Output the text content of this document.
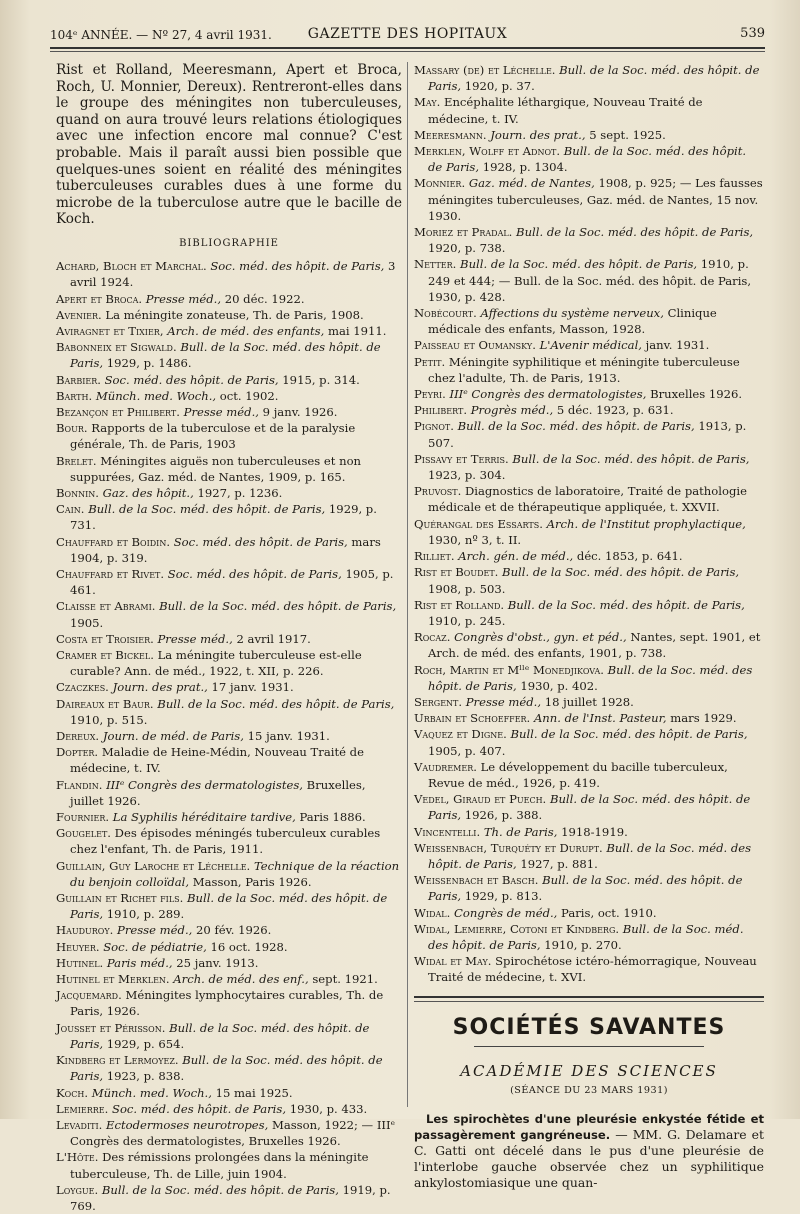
104ᵉ ANNÉE. — Nº 27, 4 avril 1931.	GAZETTE DES HOPITAUX	539

Rist et Rolland, Meeresmann, Apert et Broca, Roch, U. Monnier, Dereux). Rentreront-elles dans le groupe des méningites non tuberculeuses, quand on aura trouvé leurs relations étiologiques avec une infection encore mal connue? C'est probable. Mais il paraît aussi bien possible que quelques-unes soient en réalité des méningites tuberculeuses curables dues à une forme du microbe de la tuberculose autre que le bacille de Koch.

BIBLIOGRAPHIE

Achard, Bloch et Marchal. Soc. méd. des hôpit. de Paris, 3 avril 1924.

Apert et Broca. Presse méd., 20 déc. 1922.

Avenier. La méningite zonateuse, Th. de Paris, 1908.

Aviragnet et Tixier, Arch. de méd. des enfants, mai 1911.

Babonneix et Sigwald. Bull. de la Soc. méd. des hôpit. de Paris, 1929, p. 1486.

Barbier. Soc. méd. des hôpit. de Paris, 1915, p. 314.

Barth. Münch. med. Woch., oct. 1902.

Bezançon et Philibert. Presse méd., 9 janv. 1926.

Bour. Rapports de la tuberculose et de la paralysie générale, Th. de Paris, 1903

Brelet. Méningites aiguës non tuberculeuses et non suppurées, Gaz. méd. de Nantes, 1909, p. 165.

Bonnin. Gaz. des hôpit., 1927, p. 1236.

Cain. Bull. de la Soc. méd. des hôpit. de Paris, 1929, p. 731.

Chauffard et Boidin. Soc. méd. des hôpit. de Paris, mars 1904, p. 319.

Chauffard et Rivet. Soc. méd. des hôpit. de Paris, 1905, p. 461.

Claisse et Abrami. Bull. de la Soc. méd. des hôpit. de Paris, 1905.

Costa et Troisier. Presse méd., 2 avril 1917.

Cramer et Bickel. La méningite tuberculeuse est-elle curable? Ann. de méd., 1922, t. XII, p. 226.

Czaczkes. Journ. des prat., 17 janv. 1931.

Daireaux et Baur. Bull. de la Soc. méd. des hôpit. de Paris, 1910, p. 515.

Dereux. Journ. de méd. de Paris, 15 janv. 1931.

Dopter. Maladie de Heine-Médin, Nouveau Traité de médecine, t. IV.

Flandin. IIIᵉ Congrès des dermatologistes, Bruxelles, juillet 1926.

Fournier. La Syphilis héréditaire tardive, Paris 1886.

Gougelet. Des épisodes méningés tuberculeux curables chez l'enfant, Th. de Paris, 1911.

Guillain, Guy Laroche et Léchelle. Technique de la réaction du benjoin colloïdal, Masson, Paris 1926.

Guillain et Richet fils. Bull. de la Soc. méd. des hôpit. de Paris, 1910, p. 289.

Hauduroy. Presse méd., 20 fév. 1926.

Heuyer. Soc. de pédiatrie, 16 oct. 1928.

Hutinel. Paris méd., 25 janv. 1913.

Hutinel et Merklen. Arch. de méd. des enf., sept. 1921.

Jacquemard. Méningites lymphocytaires curables, Th. de Paris, 1926.

Jousset et Périsson. Bull. de la Soc. méd. des hôpit. de Paris, 1929, p. 654.

Kindberg et Lermoyez. Bull. de la Soc. méd. des hôpit. de Paris, 1923, p. 838.

Koch. Münch. med. Woch., 15 mai 1925.

Lemierre. Soc. méd. des hôpit. de Paris, 1930, p. 433.

Levaditi. Ectodermoses neurotropes, Masson, 1922; — IIIᵉ Congrès des dermatologistes, Bruxelles 1926.

L'Hôte. Des rémissions prolongées dans la méningite tuberculeuse, Th. de Lille, juin 1904.

Loygue. Bull. de la Soc. méd. des hôpit. de Paris, 1919, p. 769.

Massary (de) et Léchelle. Bull. de la Soc. méd. des hôpit. de Paris, 1920, p. 37.

May. Encéphalite léthargique, Nouveau Traité de médecine, t. IV.

Meeresmann. Journ. des prat., 5 sept. 1925.

Merklen, Wolff et Adnot. Bull. de la Soc. méd. des hôpit. de Paris, 1928, p. 1304.

Monnier. Gaz. méd. de Nantes, 1908, p. 925; — Les fausses méningites tuberculeuses, Gaz. méd. de Nantes, 15 nov. 1930.

Moriez et Pradal. Bull. de la Soc. méd. des hôpit. de Paris, 1920, p. 738.

Netter. Bull. de la Soc. méd. des hôpit. de Paris, 1910, p. 249 et 444; — Bull. de la Soc. méd. des hôpit. de Paris, 1930, p. 428.

Nobécourt. Affections du système nerveux, Clinique médicale des enfants, Masson, 1928.

Paisseau et Oumansky. L'Avenir médical, janv. 1931.

Petit. Méningite syphilitique et méningite tuberculeuse chez l'adulte, Th. de Paris, 1913.

Peyri. IIIᵉ Congrès des dermatologistes, Bruxelles 1926.

Philibert. Progrès méd., 5 déc. 1923, p. 631.

Pignot. Bull. de la Soc. méd. des hôpit. de Paris, 1913, p. 507.

Pissavy et Terris. Bull. de la Soc. méd. des hôpit. de Paris, 1923, p. 304.

Pruvost. Diagnostics de laboratoire, Traité de pathologie médicale et de thérapeutique appliquée, t. XXVII.

Quérangal des Essarts. Arch. de l'Institut prophylactique, 1930, nº 3, t. II.

Rilliet. Arch. gén. de méd., déc. 1853, p. 641.

Rist et Boudet. Bull. de la Soc. méd. des hôpit. de Paris, 1908, p. 503.

Rist et Rolland. Bull. de la Soc. méd. des hôpit. de Paris, 1910, p. 245.

Rocaz. Congrès d'obst., gyn. et péd., Nantes, sept. 1901, et Arch. de méd. des enfants, 1901, p. 738.

Roch, Martin et Mˡˡᵉ Monedjikova. Bull. de la Soc. méd. des hôpit. de Paris, 1930, p. 402.

Sergent. Presse méd., 18 juillet 1928.

Urbain et Schoeffer. Ann. de l'Inst. Pasteur, mars 1929.

Vaquez et Digne. Bull. de la Soc. méd. des hôpit. de Paris, 1905, p. 407.

Vaudremer. Le développement du bacille tuberculeux, Revue de méd., 1926, p. 419.

Vedel, Giraud et Puech. Bull. de la Soc. méd. des hôpit. de Paris, 1926, p. 388.

Vincentelli. Th. de Paris, 1918-1919.

Weissenbach, Turquéty et Durupt. Bull. de la Soc. méd. des hôpit. de Paris, 1927, p. 881.

Weissenbach et Basch. Bull. de la Soc. méd. des hôpit. de Paris, 1929, p. 813.

Widal. Congrès de méd., Paris, oct. 1910.

Widal, Lemierre, Cotoni et Kindberg. Bull. de la Soc. méd. des hôpit. de Paris, 1910, p. 270.

Widal et May. Spirochétose ictéro-hémorragique, Nouveau Traité de médecine, t. XVI.

SOCIÉTÉS SAVANTES
ACADÉMIE DES SCIENCES
(SÉANCE DU 23 MARS 1931)

Les spirochètes d'une pleurésie enkystée fétide et passagèrement gangréneuse. — MM. G. Delamare et C. Gatti ont décelé dans le pus d'une pleurésie de l'interlobe gauche observée chez un syphilitique ankylostomiasique une quan-
